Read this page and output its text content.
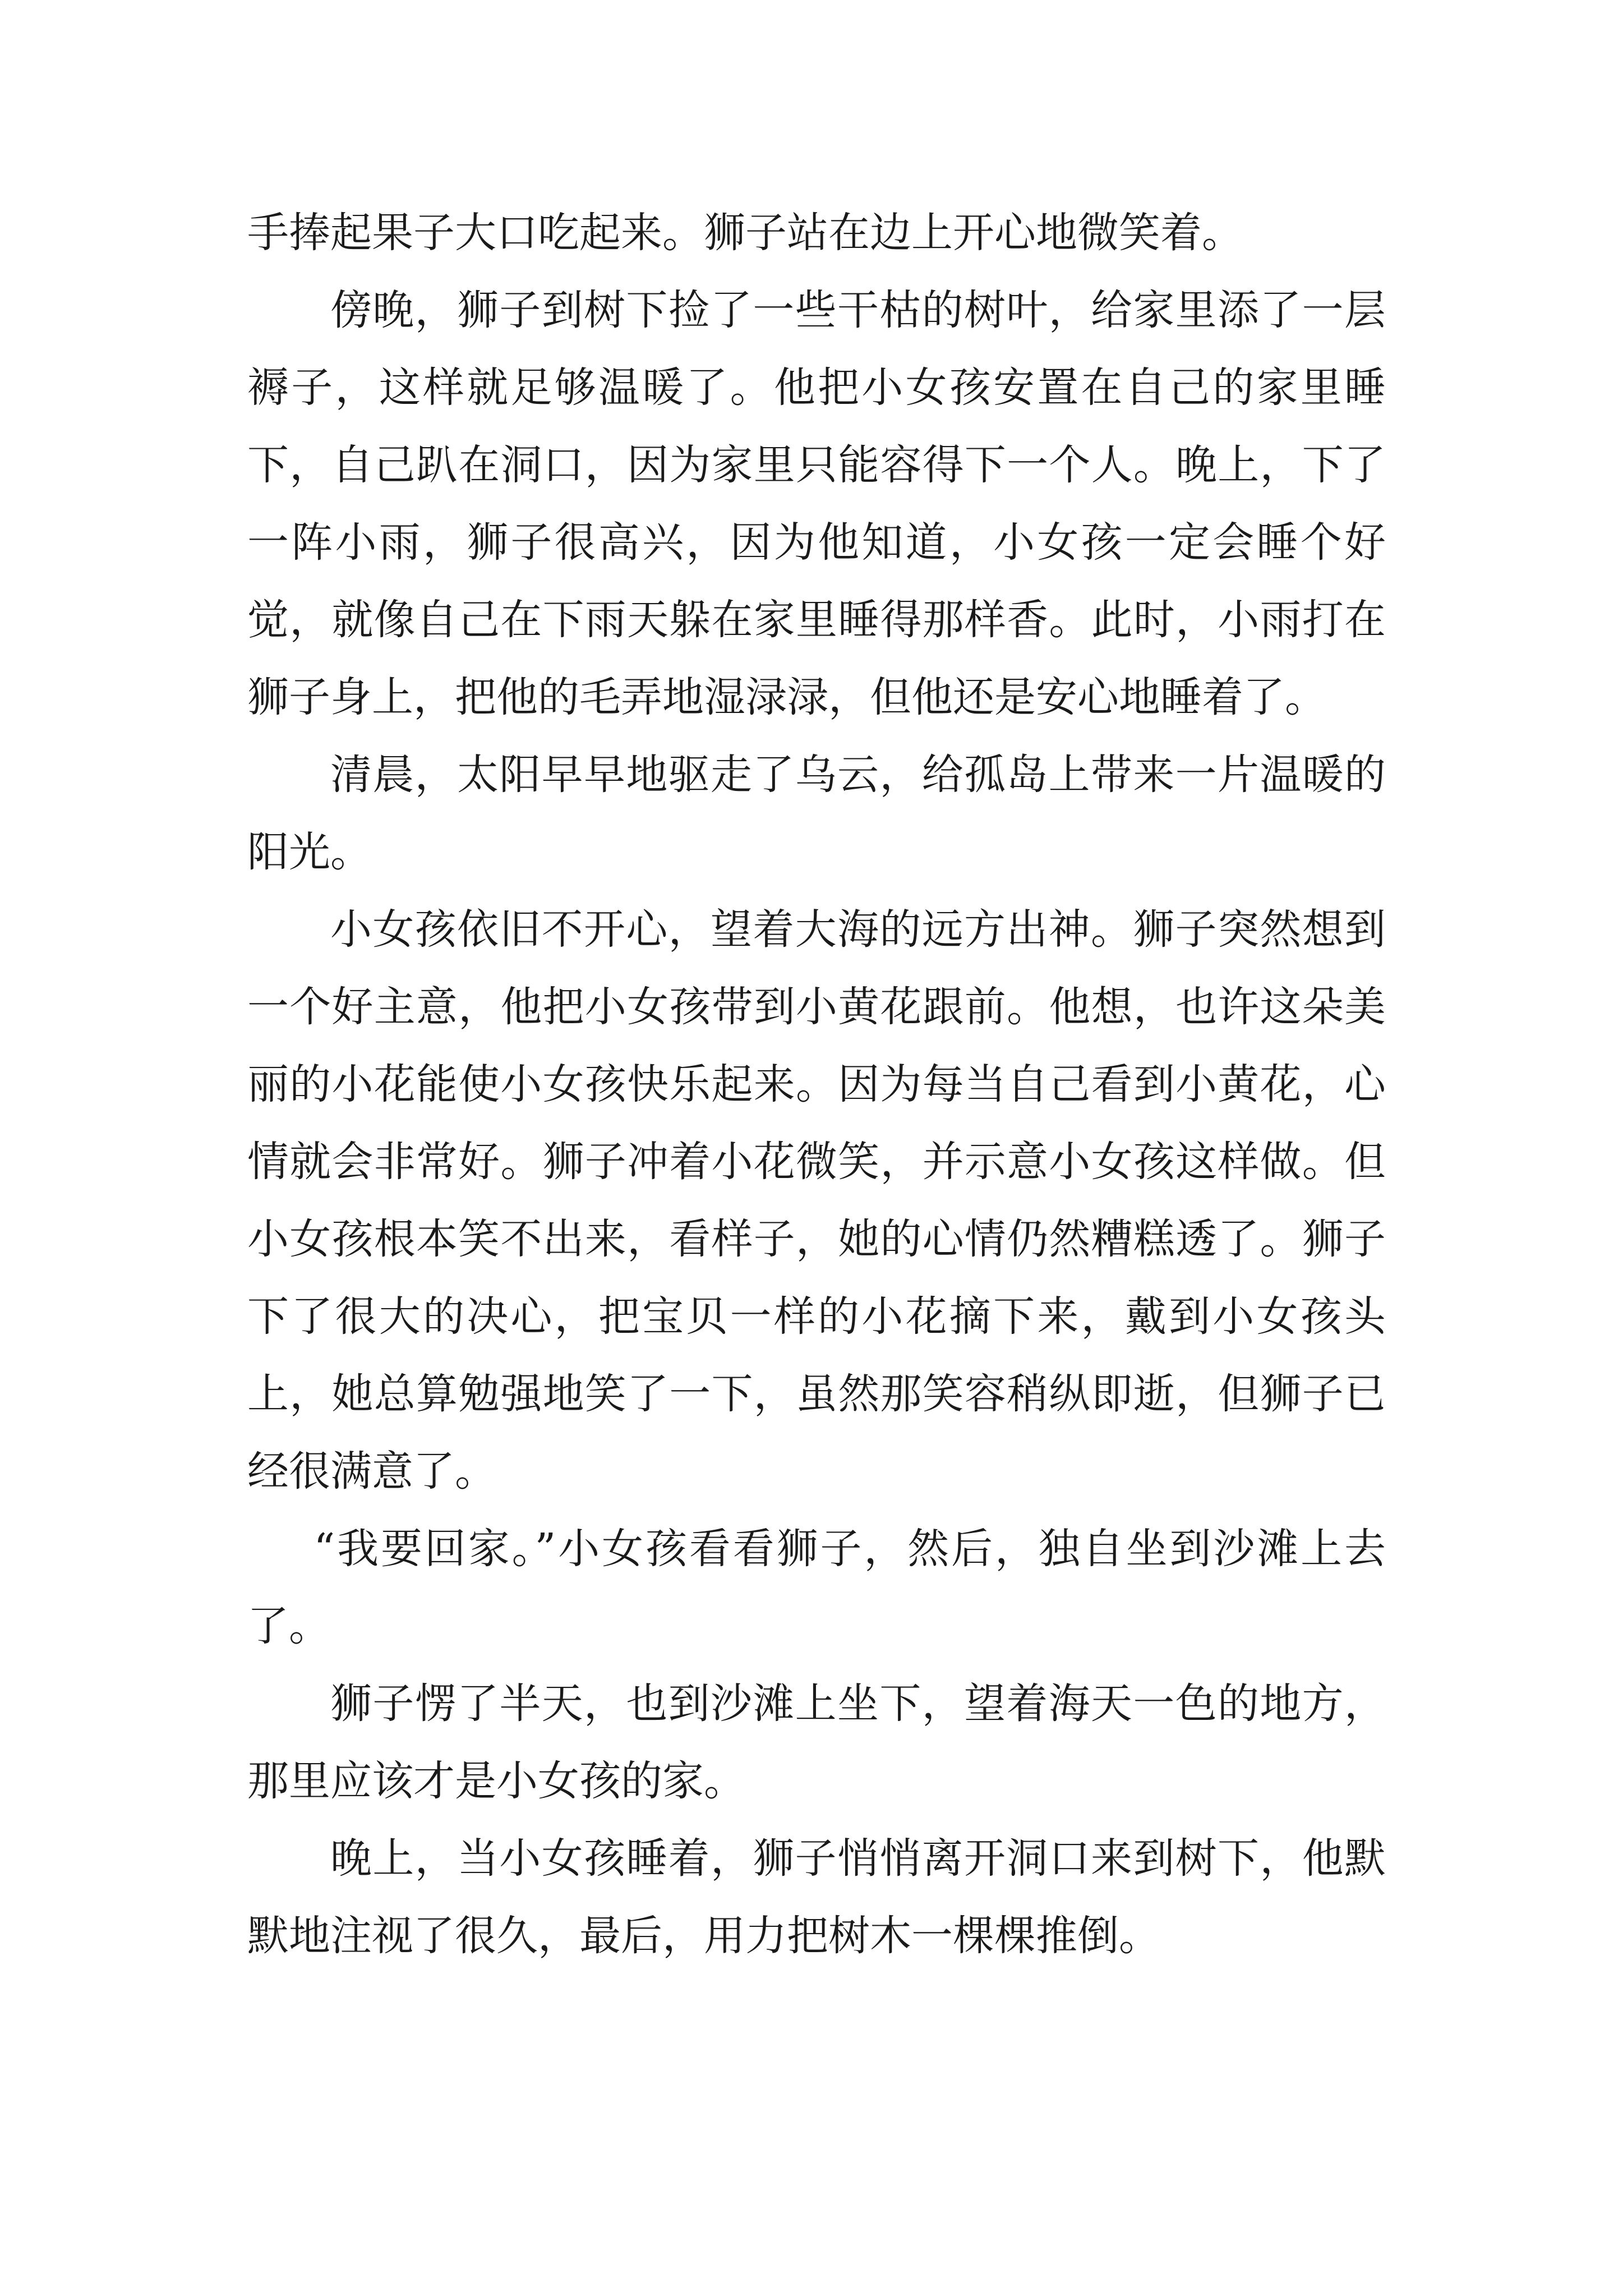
手捧起果子大口吃起来。狮子站在边上开心地微笑着。

傍晚，狮子到树下捡了一些干枯的树叶，给家里添了一层褥子，这样就足够温暖了。他把小女孩安置在自己的家里睡下，自己趴在洞口，因为家里只能容得下一个人。晚上，下了一阵小雨，狮子很高兴，因为他知道，小女孩一定会睡个好觉，就像自己在下雨天躲在家里睡得那样香。此时，小雨打在狮子身上，把他的毛弄地湿渌渌，但他还是安心地睡着了。

清晨，太阳早早地驱走了乌云，给孤岛上带来一片温暖的阳光。

小女孩依旧不开心，望着大海的远方出神。狮子突然想到一个好主意，他把小女孩带到小黄花跟前。他想，也许这朵美丽的小花能使小女孩快乐起来。因为每当自己看到小黄花，心情就会非常好。狮子冲着小花微笑，并示意小女孩这样做。但小女孩根本笑不出来，看样子，她的心情仍然糟糕透了。狮子下了很大的决心，把宝贝一样的小花摘下来，戴到小女孩头上，她总算勉强地笑了一下，虽然那笑容稍纵即逝，但狮子已经很满意了。

“我要回家。”小女孩看看狮子，然后，独自坐到沙滩上去了。

狮子愣了半天，也到沙滩上坐下，望着海天一色的地方，那里应该才是小女孩的家。

晚上，当小女孩睡着，狮子悄悄离开洞口来到树下，他默默地注视了很久，最后，用力把树木一棵棵推倒。
